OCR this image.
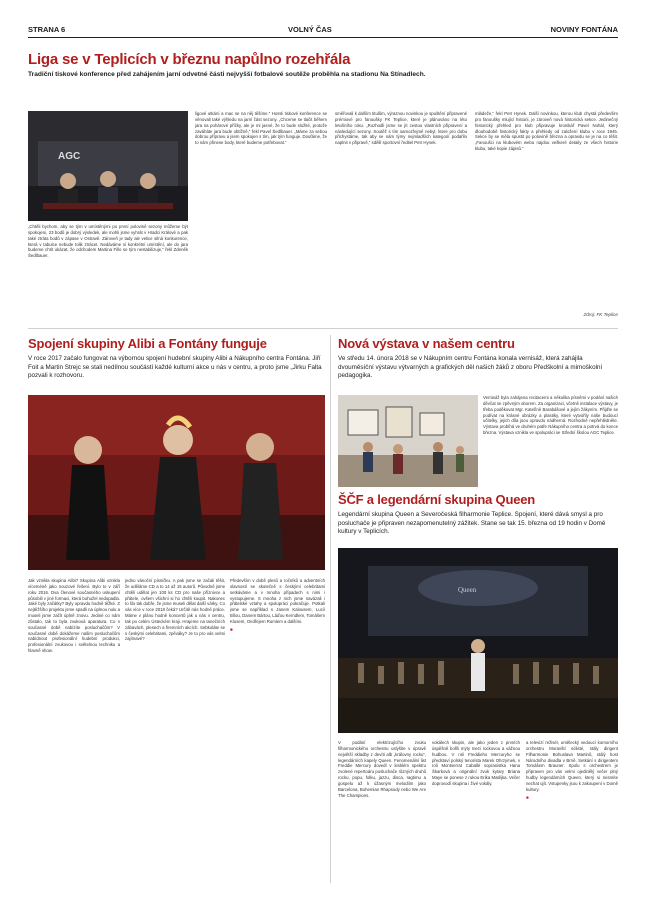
STRANA 6	VOLNÝ ČAS	NOVINY FONTÁNA
Liga se v Teplicích v březnu napůlno rozehřála
Tradiční tiskové konference před zahájením jarní odvetné části nejvyšší fotbalové soutěže proběhla na stadionu Na Stínadlech.
AGC

„Chtěli bychom, aby se tým v umístěnými po první polovině sezony můžeme být spokojeni, 23 bodů je dobrý výsledek, ale mohli jsme vyhrát v Hradci Králové a pak také ztráta bodů v zápase v Ostravě. Zároveň je tady ale velice silná konkurence, která v tabulce nebude tolik ztrácet. Nedáváme si konkrétní umístění, ale do jara budeme chtít ukázat, že odchodem Martina Fillo se tým nestabilizuje,“ řekl Zdeněk Šedlbauer.

ligové utkání a mac se na něj těšíme.“ Hosté tiskové konference se věnovali také výhledu na jarní část sezony. „Chceme se tlačit během jara na pohárové příčky, ale je mi jasné, že to bude složité, protože zaváháte jara bude obtížně,“ řekl Pavel Šedlbauer. „Máme za sebou dobrou přípravu a jsem spokojen s tím, jak tým funguje. Doufáme, že to nám přinese body, které budeme potřebovat.“

směřovali k dalším titulům, výraznou novinkou je spuštění připravené prémiové pro fanoušky FK Teplice, které je plánováno na léto letošního roku. „Rozhodli jsme se jít cestou vlastních připravení a následující sezony. Soutěž s tím samozřejmě nebyl, ktere pro dobu přichystáme, tak aby se nám týmy nejmladších kategorií podařilo naplnit v připravě,“ sdělil sportovní ředitel Petr Hynek.

mládeže,“ řekl Petr Hynek. Další novinkou, kterou klub chystá předevšim pro fanoušky mlující historii, je zároveň nová historická sekce. Jedinečný historický přehled pro klub připravuje kronikář Pavel Nohál, který dlouhodobě historický fakty a přehledy od založení klubu v roce 1945. Sekce by se měla spustit po polovině března a opravdu se je na co těšit. „Fanoušci na klubovém webu najdou veškeré detaily ze všech historie klubu, také kopie zápisů.“

Zdroj: FK Teplice
Spojení skupiny Alibi a Fontány funguje
V roce 2017 začalo fungovat na výbornou spojení hudební skupiny Alibi a Nákupního centra Fontána. Jiří Foit a Martin Strejc se stali nedílnou součástí každé kulturní akce u nás v centru, a proto jsme „Jirku Falta pozvali k rozhovoru.

Jak vznikla skupina Alibi? Skupina Alibi vznikla víceméně jako nouzové řešení. Bylo to v září roku 2016. Dva členové současného uskupení působili v jiné formaci, která bohužel nedopadla. Jaké byly začátky? Byly opravdu hodně těžké. Z nejtěžšího projektu jsme spadli na úplnou nulu a museli jsme začít úplně znovu. Jediné co nám zůstalo, tak to byla zvuková aparatura. Co v současné době nabízíte posluchačům? V současné době dokážeme našim posluchačům nabídnout profesionální hudební produkci, profesionální zvukovou i světelnou techniku a hlavně show.

jednu vánoční písničku. A pak jsme se začali těšit, že uděláme CD a to 14 až 15 autorů. Původně jsme chtěli udělat jen 100 ks CD pro naše příznivce a přátele, ovšem všichni si ho chtěli koupit. Nakonec to šlo tak dobře, že jsme museli dělat další várky. Co vás více v roce 2018 čeká? Určitě nás hodně práce. Máme v plánu hodně koncertů jak u nás v centru, tak po celém Ústeckém kraji. Hrajeme na tanečních zábavách, plesech a firemních akcích. Sebkoláte se s českými celebritami, zpěváky? Je to pro vás velmi zajímavé?

Především v době plesů a ročníků a adventních slavností se skutečně s českými celebritami setkáváme a v mnoha případech s nimi i vystupujeme. S mnoha z nich jsme navázali i přátelské vztahy a spolupráci pokračuje. Potkali jsme se například s Janem Kalousem, Lucií Bílou, Danem Bártou, Láďou Kerndlem, Tomášem Klusem, Ondřejem Rumlem a dalšími.

■
Nová výstava v našem centru
Ve středu 14. února 2018 se v Nákupním centru Fontána konala vernisáž, která zahájila dvouměsíční výstavu výtvarných a grafických děl našich žáků z oboru Předškolní a mimoškolní pedagogika.

Vernisáž byla zahájena recitacemi a několika písněmi v podání našich děvčat se zpěvným oborem. Za organizaci, včetně instalace výstavy, je třeba poděkovat Mgr. Kateřině Barabášové a jejím žákyním. Přijďte se podívat na krásné obrázky a plastiky, které vytvořily naše budoucí učitelky, jejich díla jsou opravdu nádherná. Rozhodně nepřehlédněte. Výstava probíhá ve druhém patře Nákupního centra a potrvá do konce března. Výstava vznikla ve spolupráci se Střední školou AGC Teplice.

ŠČF a legendární skupina Queen
Legendární skupina Queen a Severočeská filharmonie Teplice. Spojení, které dává smysl a pro posluchače je připraven nezapomenutelný zážitek. Stane se tak 15. března od 19 hodin v Domě kultury v Teplicích.
Queen

V podání elektrizujícího zvuku filharmonického orchestru uslyšíte v úpravě největší skladby z devíti alb „královny rocku“, legendárních kapely Queen. Fenomenální list Freddie Mercury dovedl v lesklém spektru zvolené repertoáru posluchače různých druhů rocku, popu, folku, jazzu, disca, ragtimu a gospelu až k úžasným melodiím jako Barcelona, Bohemian Rhapsody nebo We Are The Champions.

vokálech skupin, ale jako jeden z prvních úspěšně bořili mýty mezi rockovou a vážnou hudbou. V roli Freddieho Mercuryho se představí polský tenorista Marek Ohrzymek, v roli Montserrat Caballé sopranistka Hana Škarková a originální zvuk kytary Briana Maye se ponese z rukou Erika Matějka. Večer doprovodí skupina i živé vokály.

a televizí režisér, umělecký vedoucí komorního orchestru Moravští sólisté, stály dirigent Filharmonie Bohuslava Martinů, stálý host Národního divadla v Brně. Setkání s dirigentem Tomášem Brauner. Spolu s orchestrem je připraven pro vás velmi ojedinělý večer plný hudby legendárních Queen, který si nesmíte nechat ujít. Vstupenky jsou k zakoupení v Domě kultury.

■
